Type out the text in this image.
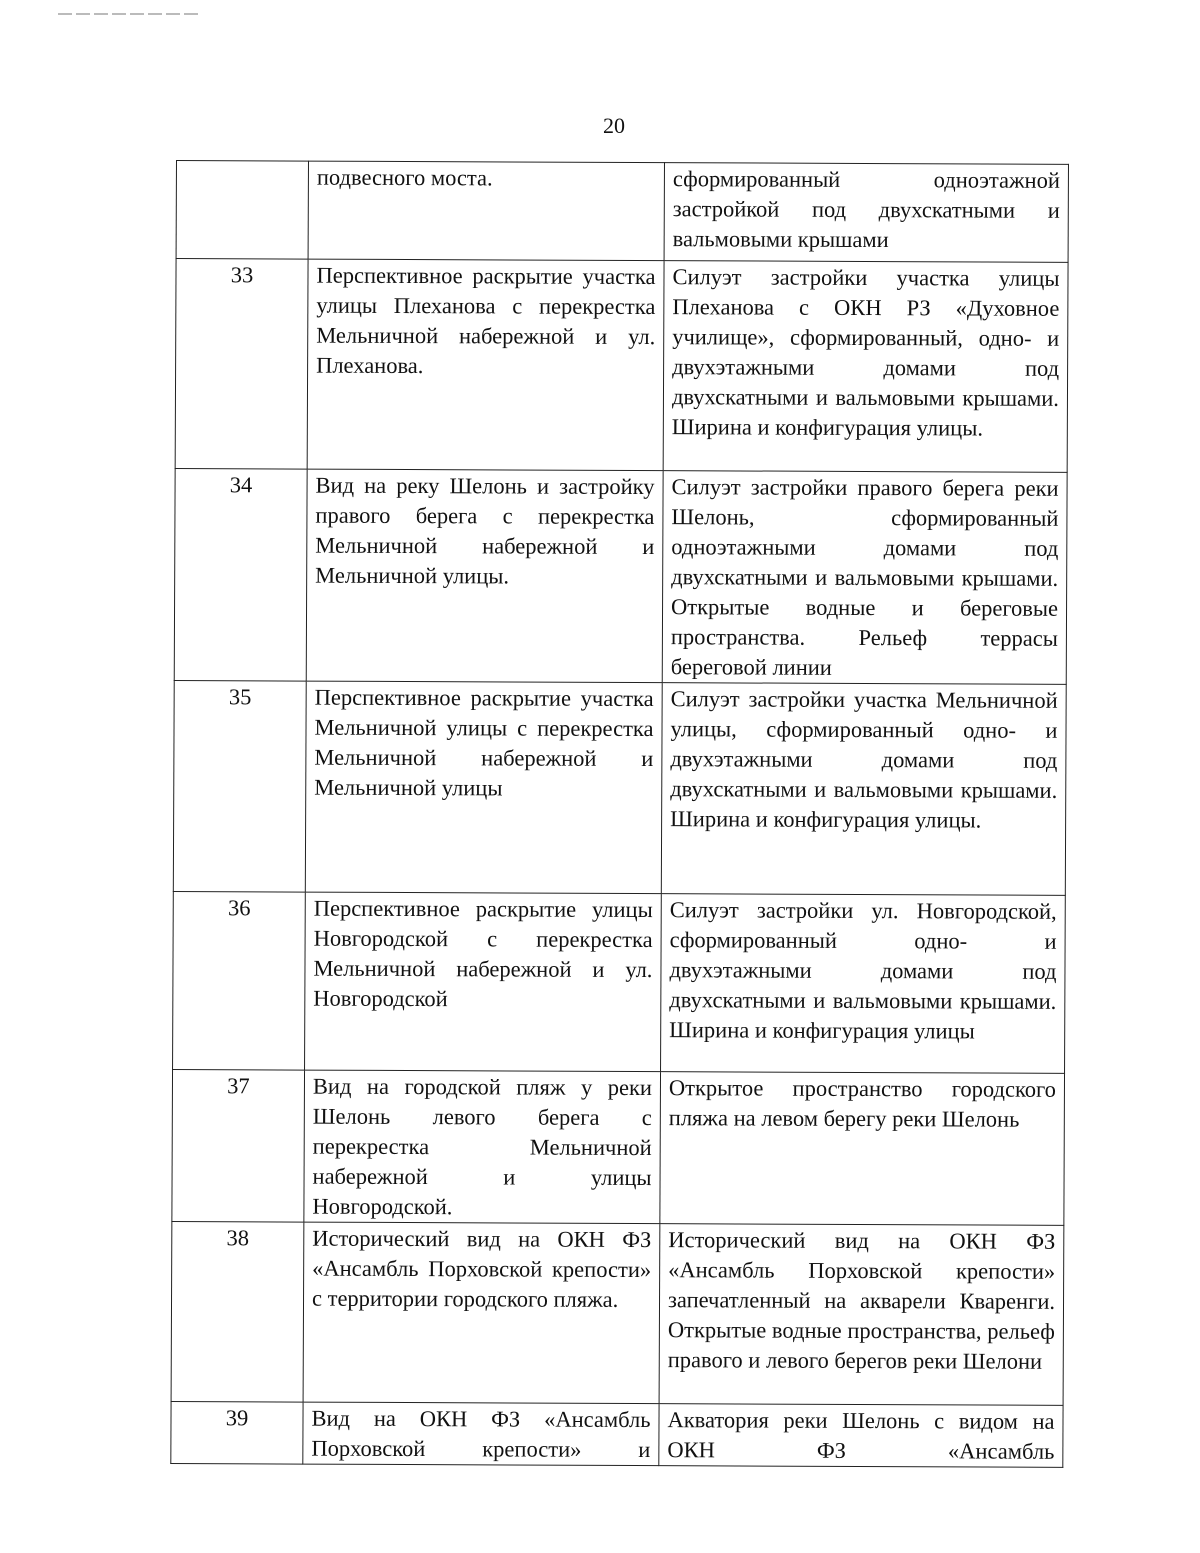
20
	подвесного моста.	сформированный одноэтажной застройкой под двухскатными и вальмовыми крышами
33	Перспективное раскрытие участка улицы Плеханова с перекрестка Мельничной набережной и ул. Плеханова.	Силуэт застройки участка улицы Плеханова с ОКН РЗ «Духовное училище», сформированный, одно- и двухэтажными домами под двухскатными и вальмовыми крышами. Ширина и конфигурация улицы.
34	Вид на реку Шелонь и застройку правого берега с перекрестка Мельничной набережной и Мельничной улицы.	Силуэт застройки правого берега реки Шелонь, сформированный одноэтажными домами под двухскатными и вальмовыми крышами. Открытые водные и береговые пространства. Рельеф террасы береговой линии
35	Перспективное раскрытие участка Мельничной улицы с перекрестка Мельничной набережной и Мельничной улицы	Силуэт застройки участка Мельничной улицы, сформированный одно- и двухэтажными домами под двухскатными и вальмовыми крышами. Ширина и конфигурация улицы.
36	Перспективное раскрытие улицы Новгородской с перекрестка Мельничной набережной и ул. Новгородской	Силуэт застройки ул. Новгородской, сформированный одно- и двухэтажными домами под двухскатными и вальмовыми крышами. Ширина и конфигурация улицы
37	Вид на городской пляж у реки Шелонь левого берега с перекрестка Мельничной набережной и улицы Новгородской.	Открытое пространство городского пляжа на левом берегу реки Шелонь
38	Исторический вид на ОКН ФЗ «Ансамбль Порховской крепости» с территории городского пляжа.	Исторический вид на ОКН ФЗ «Ансамбль Порховской крепости» запечатленный на акварели Кваренги. Открытые водные пространства, рельеф правого и левого берегов реки Шелони
39	Вид на ОКН ФЗ «Ансамбль Порховской крепости» и	Акватория реки Шелонь с видом на ОКН ФЗ «Ансамбль
